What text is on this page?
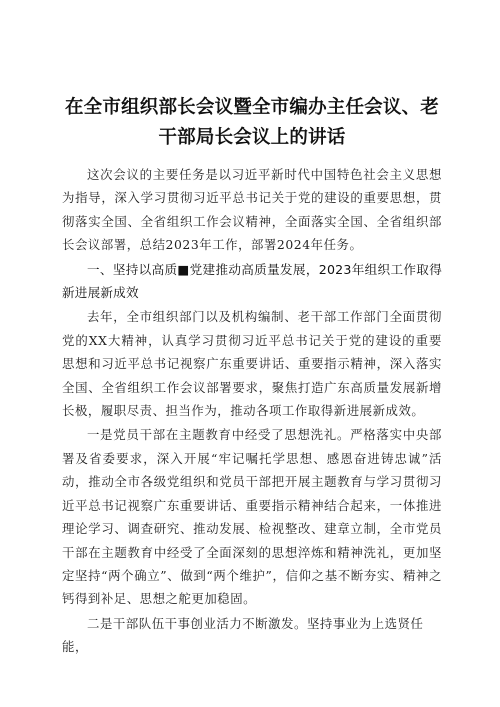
在全市组织部长会议暨全市编办主任会议、老
干部局长会议上的讲话

这次会议的主要任务是以习近平新时代中国特色社会主义思想为指导，深入学习贯彻习近平总书记关于党的建设的重要思想，贯彻落实全国、全省组织工作会议精神，全面落实全国、全省组织部长会议部署，总结2023年工作，部署2024年任务。

一、坚持以高质■党建推动高质量发展，2023年组织工作取得新进展新成效

去年，全市组织部门以及机构编制、老干部工作部门全面贯彻党的XX大精神，认真学习贯彻习近平总书记关于党的建设的重要思想和习近平总书记视察广东重要讲话、重要指示精神，深入落实全国、全省组织工作会议部署要求，聚焦打造广东高质量发展新增长极，履职尽责、担当作为，推动各项工作取得新进展新成效。

一是党员干部在主题教育中经受了思想洗礼。严格落实中央部署及省委要求，深入开展“牢记嘱托学思想、感恩奋进铸忠诚”活动，推动全市各级党组织和党员干部把开展主题教育与学习贯彻习近平总书记视察广东重要讲话、重要指示精神结合起来，一体推进理论学习、调查研究、推动发展、检视整改、建章立制，全市党员干部在主题教育中经受了全面深刻的思想淬炼和精神洗礼，更加坚定坚持“两个确立”、做到“两个维护”，信仰之基不断夯实、精神之钙得到补足、思想之舵更加稳固。

二是干部队伍干事创业活力不断激发。坚持事业为上选贤任能，
